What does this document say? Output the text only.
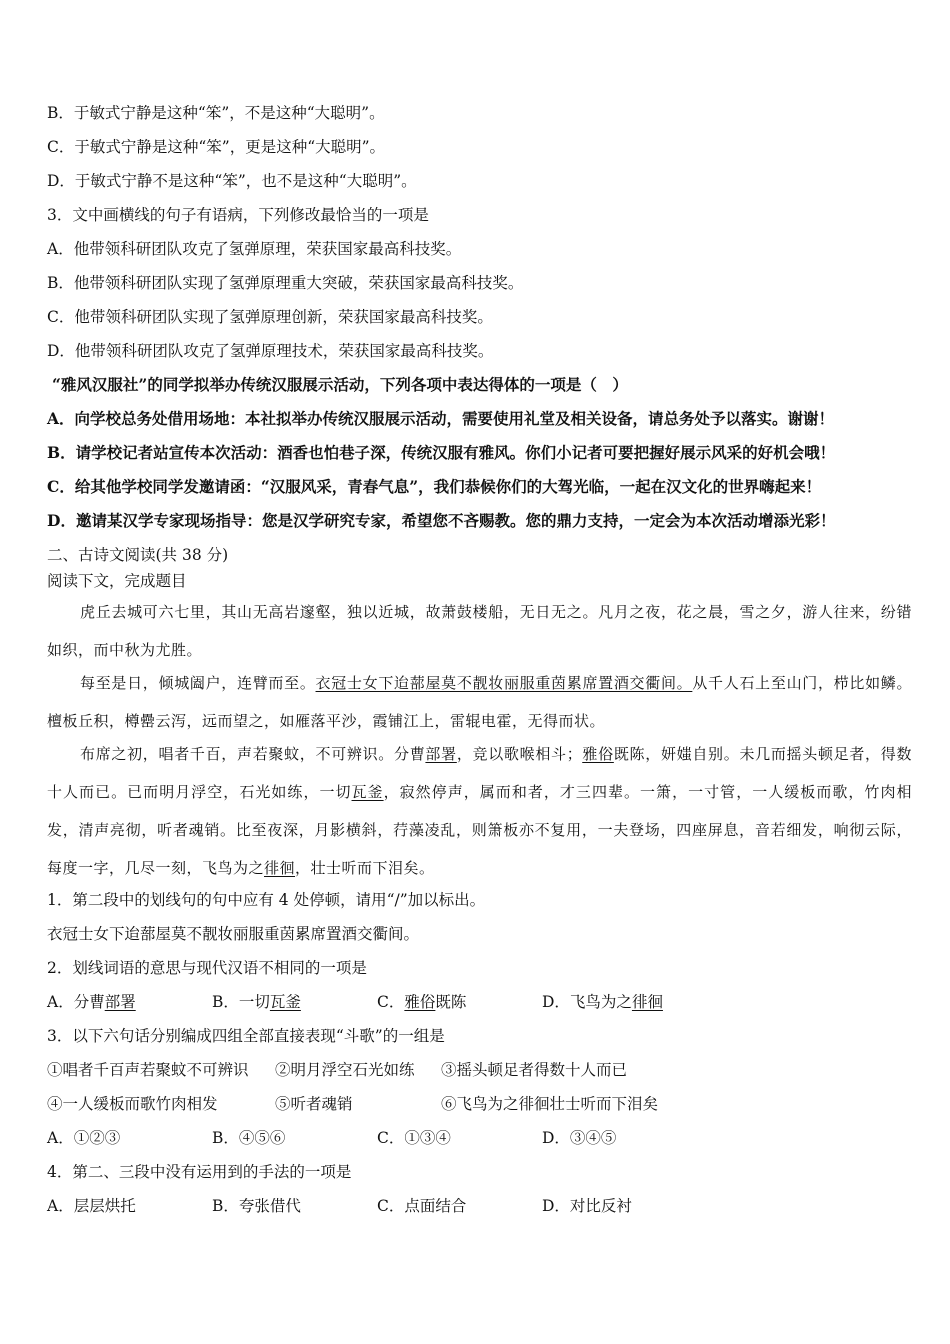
B．于敏式宁静是这种“笨”，不是这种“大聪明”。
C．于敏式宁静是这种“笨”，更是这种“大聪明”。
D．于敏式宁静不是这种“笨”，也不是这种“大聪明”。
3．文中画横线的句子有语病，下列修改最恰当的一项是
A．他带领科研团队攻克了氢弹原理，荣获国家最高科技奖。
B．他带领科研团队实现了氢弹原理重大突破，荣获国家最高科技奖。
C．他带领科研团队实现了氢弹原理创新，荣获国家最高科技奖。
D．他带领科研团队攻克了氢弹原理技术，荣获国家最高科技奖。
“雅风汉服社”的同学拟举办传统汉服展示活动，下列各项中表达得体的一项是（　）
A．向学校总务处借用场地：本社拟举办传统汉服展示活动，需要使用礼堂及相关设备，请总务处予以落实。谢谢！
B．请学校记者站宣传本次活动：酒香也怕巷子深，传统汉服有雅风。你们小记者可要把握好展示风采的好机会哦！
C．给其他学校同学发邀请函：“汉服风采，青春气息”，我们恭候你们的大驾光临，一起在汉文化的世界嗨起来！
D．邀请某汉学专家现场指导：您是汉学研究专家，希望您不吝赐教。您的鼎力支持，一定会为本次活动增添光彩！
二、古诗文阅读(共 38 分)
阅读下文，完成题目
虎丘去城可六七里，其山无高岩邃壑，独以近城，故萧鼓楼船，无日无之。凡月之夜，花之晨，雪之夕，游人往来，纷错如织，而中秋为尤胜。
每至是日，倾城阖户，连臂而至。衣冠士女下迨蔀屋莫不靓妆丽服重茵累席置酒交衢间。从千人石上至山门，栉比如鳞。檀板丘积，樽罍云泻，远而望之，如雁落平沙，霞铺江上，雷辊电霍，无得而状。
布席之初，唱者千百，声若聚蚊，不可辨识。分曹部署，竞以歌喉相斗；雅俗既陈，妍媸自别。未几而摇头顿足者，得数十人而已。已而明月浮空，石光如练，一切瓦釜，寂然停声，属而和者，才三四辈。一箫，一寸管，一人缓板而歌，竹肉相发，清声亮彻，听者魂销。比至夜深，月影横斜，荇藻凌乱，则箫板亦不复用，一夫登场，四座屏息，音若细发，响彻云际，每度一字，几尽一刻，飞鸟为之徘徊，壮士听而下泪矣。
1．第二段中的划线句的句中应有 4 处停顿，请用“/”加以标出。
衣冠士女下迨蔀屋莫不靓妆丽服重茵累席置酒交衢间。
2．划线词语的意思与现代汉语不相同的一项是
A．分曹部署	B．一切瓦釜	C．雅俗既陈	D．飞鸟为之徘徊
3．以下六句话分别编成四组全部直接表现“斗歌”的一组是
①唱者千百声若聚蚊不可辨识 ②明月浮空石光如练 ③摇头顿足者得数十人而已
④一人缓板而歌竹肉相发	⑤听者魂销	⑥飞鸟为之徘徊壮士听而下泪矣
A．①②③	B．④⑤⑥	C．①③④	D．③④⑤
4．第二、三段中没有运用到的手法的一项是
A．层层烘托	B．夸张借代	C．点面结合	D．对比反衬
